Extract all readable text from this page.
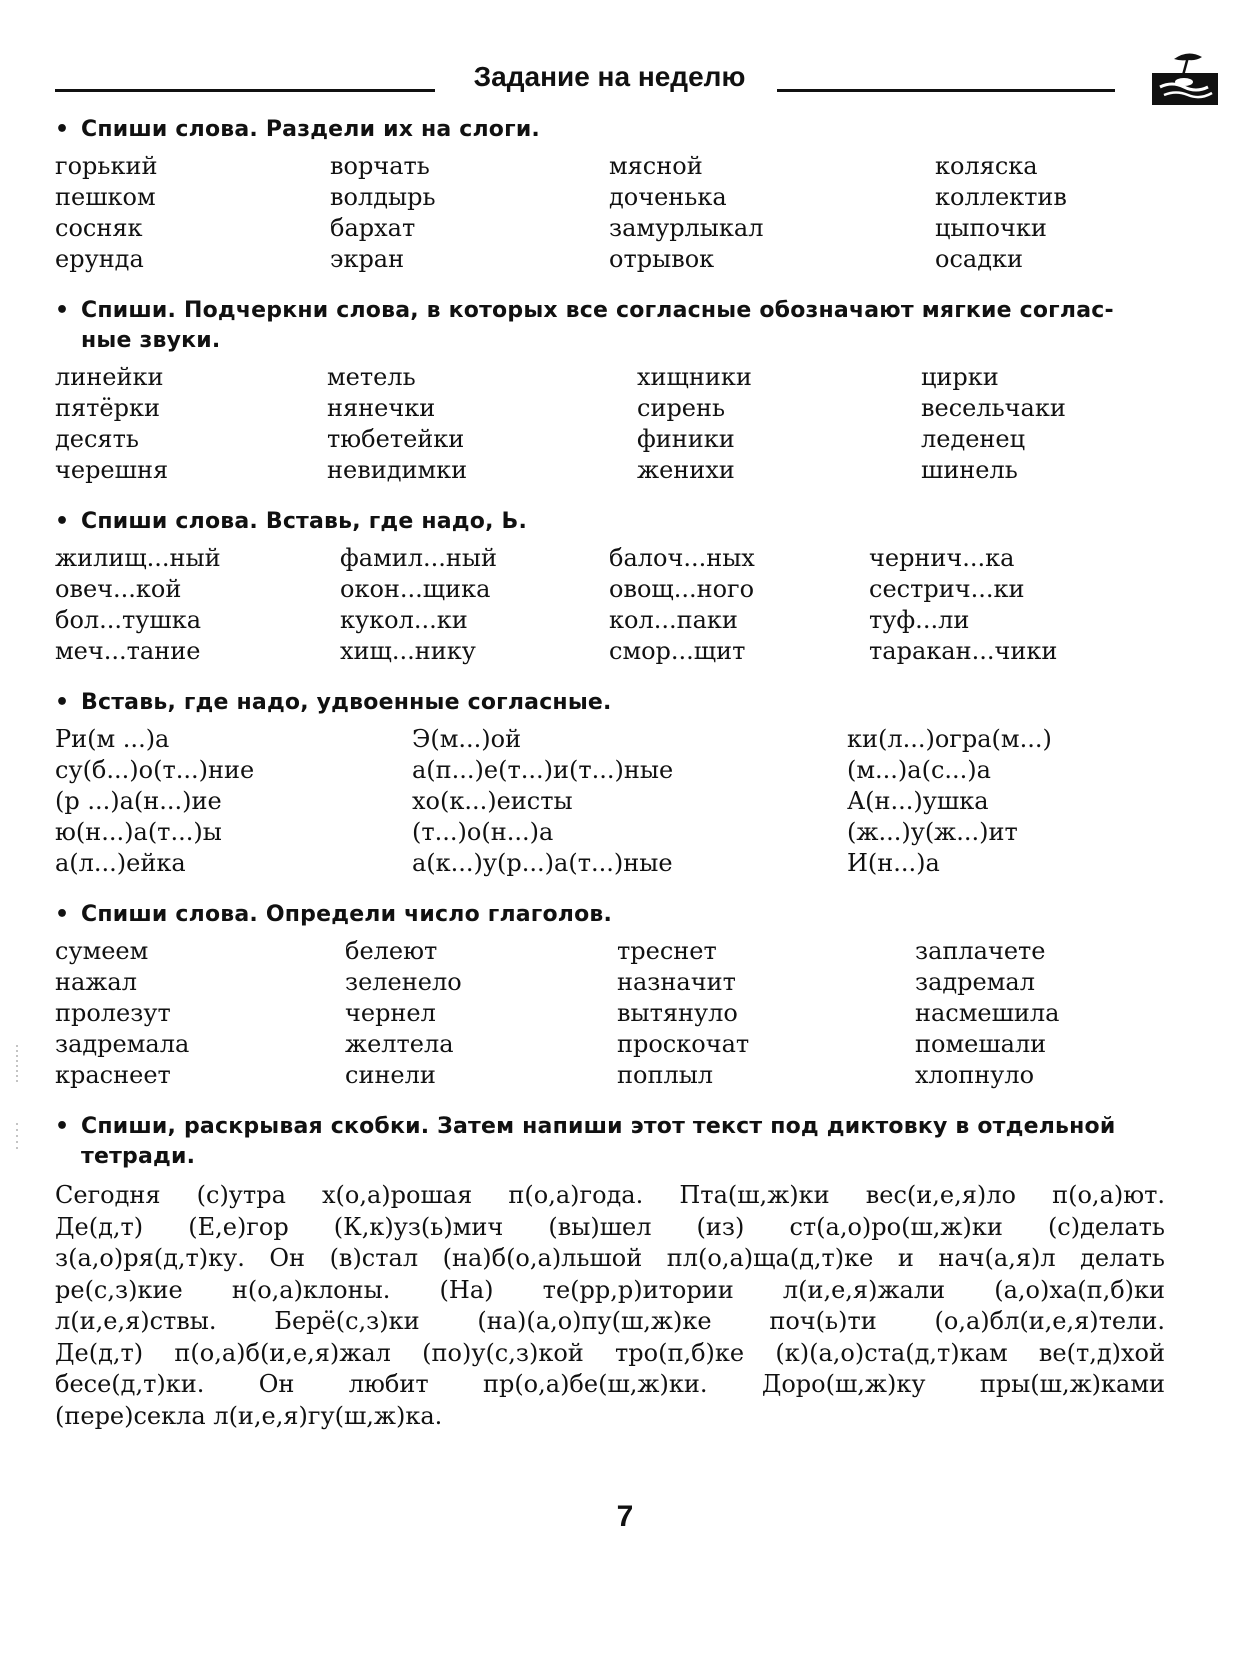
Задание на неделю
• Спиши слова. Раздели их на слоги.
горький	ворчать	мясной	коляска
пешком	волдырь	доченька	коллектив
сосняк	бархат	замурлыкал	цыпочки
ерунда	экран	отрывок	осадки
• Спиши. Подчеркни слова, в которых все согласные обозначают мягкие соглас-
ные звуки.
линейки	метель	хищники	цирки
пятёрки	нянечки	сирень	весельчаки
десять	тюбетейки	финики	леденец
черешня	невидимки	женихи	шинель
• Спиши слова. Вставь, где надо, Ь.
жилищ...ный	фамил...ный	балоч...ных	чернич...ка
овеч...кой	окон...щика	овощ...ного	сестрич...ки
бол...тушка	кукол...ки	кол...паки	туф...ли
меч...тание	хищ...нику	смор...щит	таракан...чики
• Вставь, где надо, удвоенные согласные.
Ри(м ...)а	Э(м...)ой	ки(л...)огра(м...)
су(б...)о(т...)ние	а(п...)е(т...)и(т...)ные	(м...)а(с...)а
(р ...)а(н...)ие	хо(к...)еисты	А(н...)ушка
ю(н...)а(т...)ы	(т...)о(н...)а	(ж...)у(ж...)ит
а(л...)ейка	а(к...)у(р...)а(т...)ные	И(н...)а
• Спиши слова. Определи число глаголов.
сумеем	белеют	треснет	заплачете
нажал	зеленело	назначит	задремал
пролезут	чернел	вытянуло	насмешила
задремала	желтела	проскочат	помешали
краснеет	синели	поплыл	хлопнуло
• Спиши, раскрывая скобки. Затем напиши этот текст под диктовку в отдельной
тетради.
Сегодня (с)утра х(о,а)рошая п(о,а)года. Пта(ш,ж)ки вес(и,е,я)ло п(о,а)ют.
Де(д,т) (Е,е)гор (К,к)уз(ь)мич (вы)шел (из) ст(а,о)ро(ш,ж)ки (с)делать
з(а,о)ря(д,т)ку. Он (в)стал (на)б(о,а)льшой пл(о,а)ща(д,т)ке и нач(а,я)л делать
ре(с,з)кие н(о,а)клоны. (На) те(рр,р)итории л(и,е,я)жали (а,о)ха(п,б)ки
л(и,е,я)ствы. Берё(с,з)ки (на)(а,о)пу(ш,ж)ке поч(ь)ти (о,а)бл(и,е,я)тели.
Де(д,т) п(о,а)б(и,е,я)жал (по)у(с,з)кой тро(п,б)ке (к)(а,о)ста(д,т)кам ве(т,д)хой
бесе(д,т)ки. Он любит пр(о,а)бе(ш,ж)ки. Доро(ш,ж)ку пры(ш,ж)ками
(пере)секла л(и,е,я)гу(ш,ж)ка.
7
